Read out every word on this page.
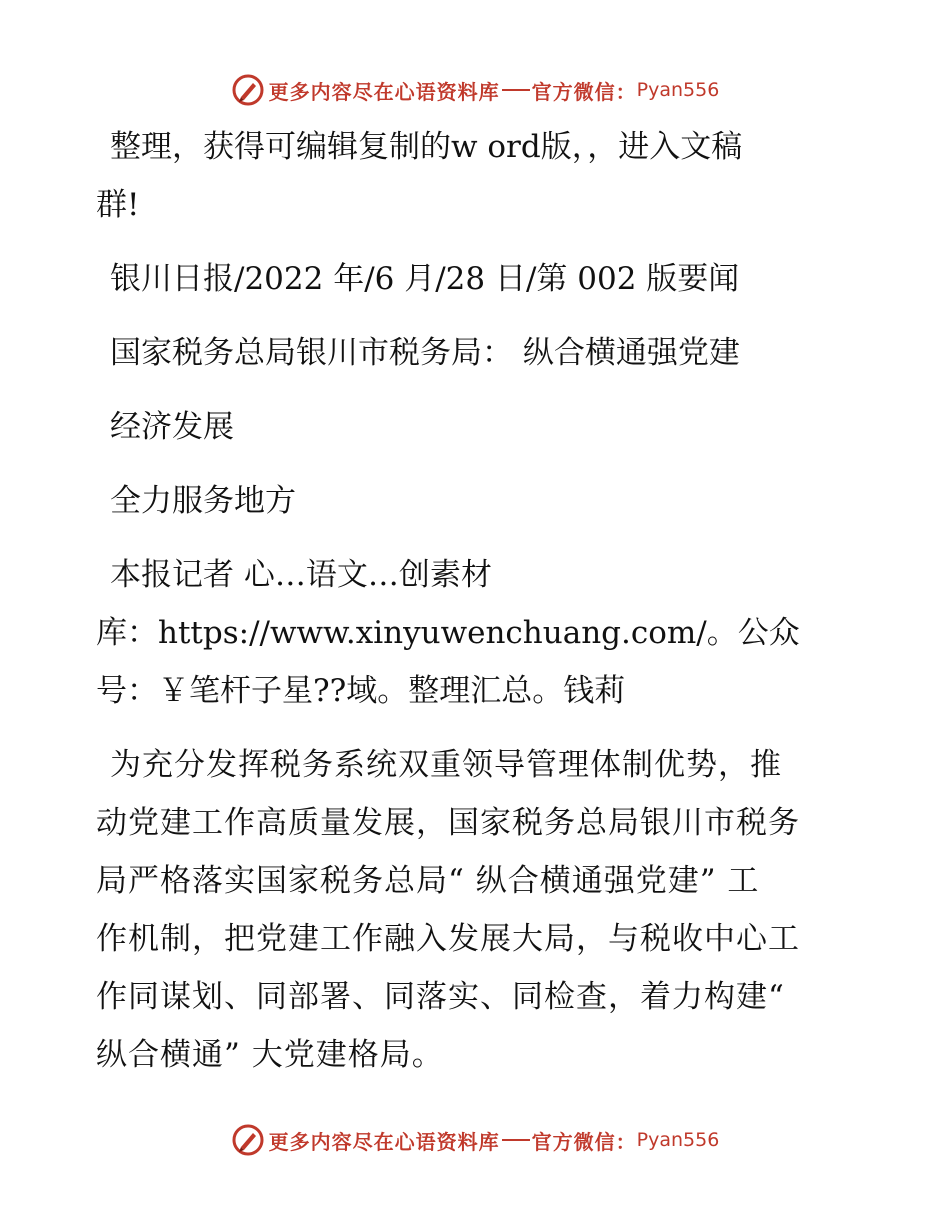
更多内容尽在心语资料库 官方微信： Pyan556
整理，获得可编辑复制的w ord版，，进入文稿
群!
银川日报/2022 年/6 月/28 日/第 002 版要闻
国家税务总局银川市税务局： 纵合横通强党建
经济发展
全力服务地方
本报记者 心…语文…创素材
库：https://www.xinyuwenchuang.com/。公众
号：￥笔杆子星??域。整理汇总。钱莉
为充分发挥税务系统双重领导管理体制优势，推
动党建工作高质量发展，国家税务总局银川市税务
局严格落实国家税务总局“ 纵合横通强党建” 工
作机制，把党建工作融入发展大局，与税收中心工
作同谋划、同部署、同落实、同检查，着力构建“
纵合横通” 大党建格局。
更多内容尽在心语资料库 官方微信： Pyan556
